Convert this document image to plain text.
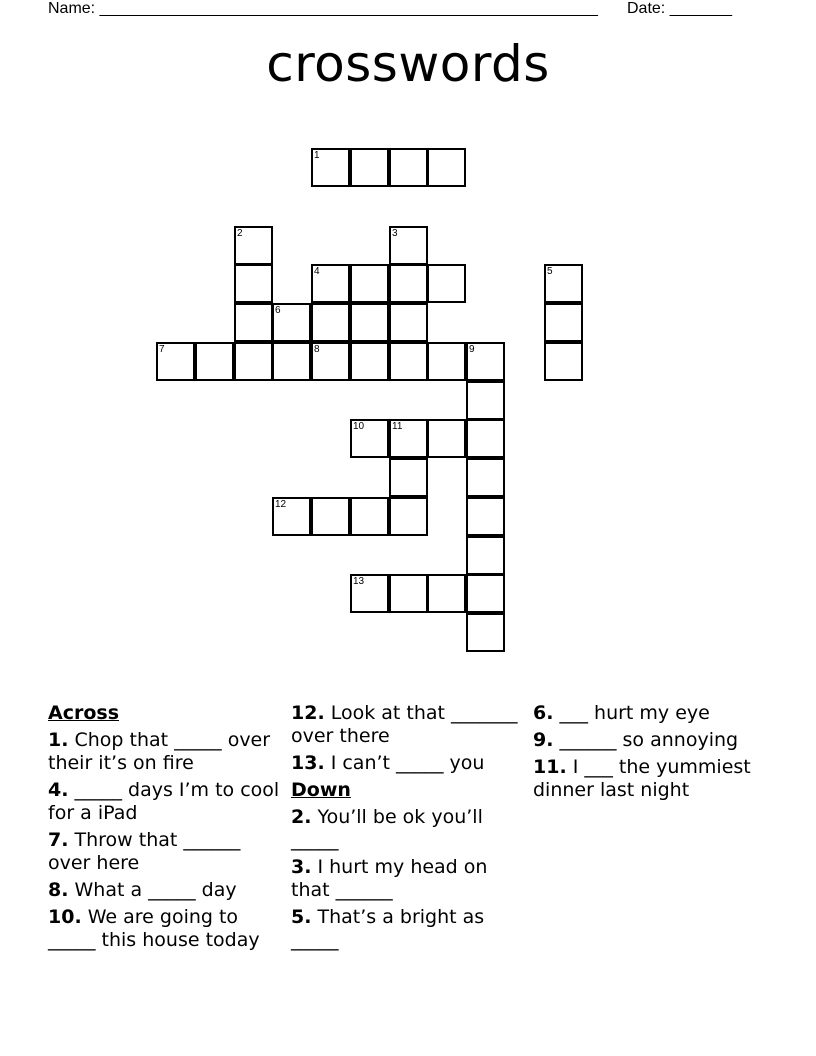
Name: ________________________________________________________ Date: _______
crosswords
1
2	3
4	5
6
7	8	9
10	11
12
13
Across
1. Chop that _____ over their it’s on fire
4. _____ days I’m to cool for a iPad
7. Throw that ______ over here
8. What a _____ day
10. We are going to _____ this house today
12. Look at that _______ over there
13. I can’t _____ you
Down
2. You’ll be ok you’ll _____
3. I hurt my head on that ______
5. That’s a bright as _____
6. ___ hurt my eye
9. ______ so annoying
11. I ___ the yummiest dinner last night
